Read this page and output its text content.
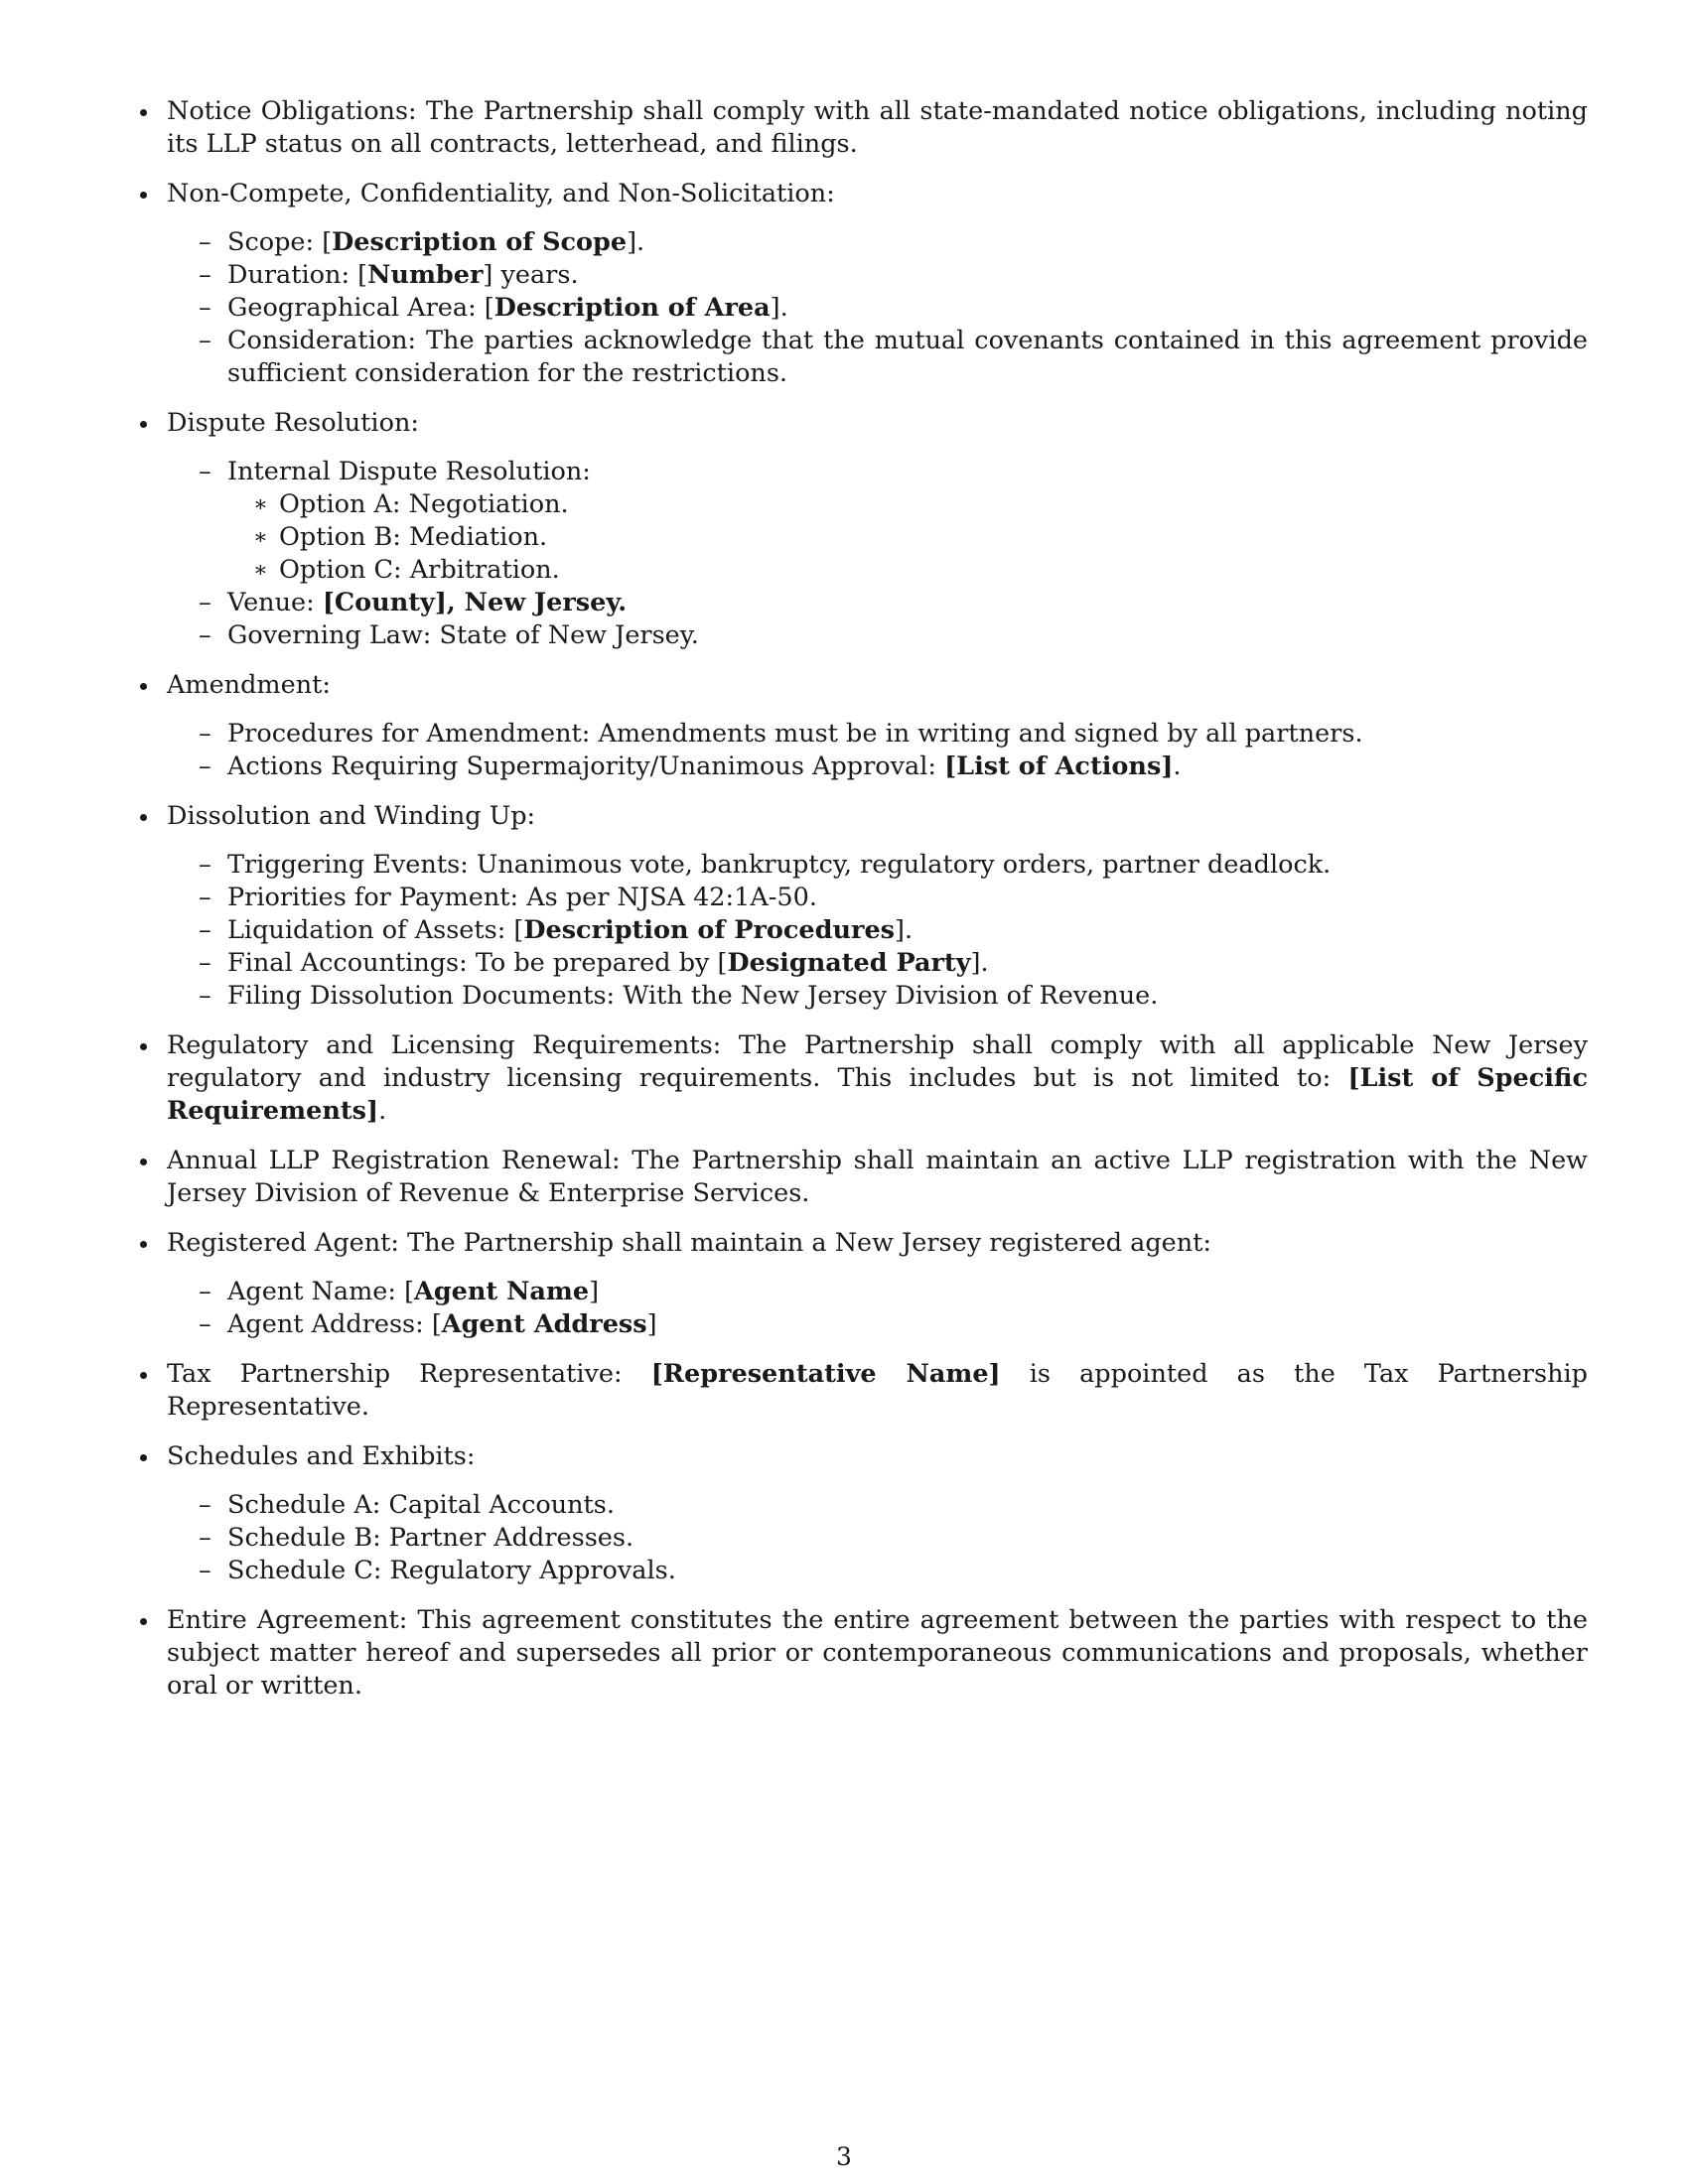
Notice Obligations: The Partnership shall comply with all state-mandated notice obligations, including noting its LLP status on all contracts, letterhead, and filings.
Non-Compete, Confidentiality, and Non-Solicitation:
– Scope: [Description of Scope].
– Duration: [Number] years.
– Geographical Area: [Description of Area].
– Consideration: The parties acknowledge that the mutual covenants contained in this agreement provide sufficient consideration for the restrictions.
Dispute Resolution:
– Internal Dispute Resolution:
∗ Option A: Negotiation.
∗ Option B: Mediation.
∗ Option C: Arbitration.
– Venue: [County], New Jersey.
– Governing Law: State of New Jersey.
Amendment:
– Procedures for Amendment: Amendments must be in writing and signed by all partners.
– Actions Requiring Supermajority/Unanimous Approval: [List of Actions].
Dissolution and Winding Up:
– Triggering Events: Unanimous vote, bankruptcy, regulatory orders, partner deadlock.
– Priorities for Payment: As per NJSA 42:1A-50.
– Liquidation of Assets: [Description of Procedures].
– Final Accountings: To be prepared by [Designated Party].
– Filing Dissolution Documents: With the New Jersey Division of Revenue.
Regulatory and Licensing Requirements: The Partnership shall comply with all applicable New Jersey regulatory and industry licensing requirements. This includes but is not limited to: [List of Specific Requirements].
Annual LLP Registration Renewal: The Partnership shall maintain an active LLP registration with the New Jersey Division of Revenue & Enterprise Services.
Registered Agent: The Partnership shall maintain a New Jersey registered agent:
– Agent Name: [Agent Name]
– Agent Address: [Agent Address]
Tax Partnership Representative: [Representative Name] is appointed as the Tax Partnership Representative.
Schedules and Exhibits:
– Schedule A: Capital Accounts.
– Schedule B: Partner Addresses.
– Schedule C: Regulatory Approvals.
Entire Agreement: This agreement constitutes the entire agreement between the parties with respect to the subject matter hereof and supersedes all prior or contemporaneous communications and proposals, whether oral or written.
3
